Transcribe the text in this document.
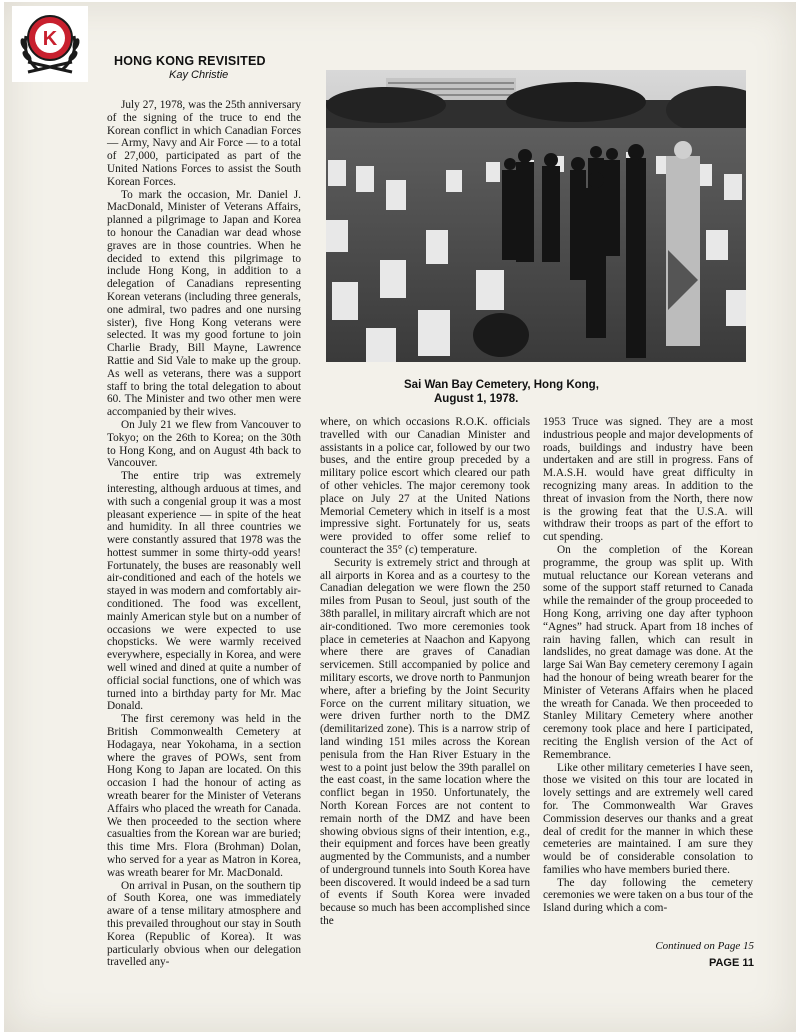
K
HONG KONG REVISITED
Kay Christie

July 27, 1978, was the 25th anniversary of the signing of the truce to end the Korean conflict in which Canadian Forces — Army, Navy and Air Force — to a total of 27,000, participated as part of the United Nations Forces to assist the South Korean Forces.

To mark the occasion, Mr. Daniel J. MacDonald, Minister of Veterans Affairs, planned a pilgrimage to Japan and Korea to honour the Canadian war dead whose graves are in those countries. When he decided to extend this pilgrimage to include Hong Kong, in addition to a delegation of Canadians representing Korean veterans (including three generals, one admiral, two padres and one nursing sister), five Hong Kong veterans were selected. It was my good fortune to join Charlie Brady, Bill Mayne, Lawrence Rattie and Sid Vale to make up the group. As well as veterans, there was a support staff to bring the total delegation to about 60. The Minister and two other men were accompanied by their wives.

On July 21 we flew from Vancouver to Tokyo; on the 26th to Korea; on the 30th to Hong Kong, and on August 4th back to Vancouver.

The entire trip was extremely interesting, although arduous at times, and with such a congenial group it was a most pleasant experience — in spite of the heat and humidity. In all three countries we were constantly assured that 1978 was the hottest summer in some thirty-odd years! Fortunately, the buses are reasonably well air-conditioned and each of the hotels we stayed in was modern and comfortably air-conditioned. The food was excellent, mainly American style but on a number of occasions we were expected to use chopsticks. We were warmly received everywhere, especially in Korea, and were well wined and dined at quite a number of official social functions, one of which was turned into a birthday party for Mr. Mac Donald.

The first ceremony was held in the British Commonwealth Cemetery at Hodagaya, near Yokohama, in a section where the graves of POWs, sent from Hong Kong to Japan are located. On this occasion I had the honour of acting as wreath bearer for the Minister of Veterans Affairs who placed the wreath for Canada. We then proceeded to the section where casualties from the Korean war are buried; this time Mrs. Flora (Brohman) Dolan, who served for a year as Matron in Korea, was wreath bearer for Mr. MacDonald.

On arrival in Pusan, on the southern tip of South Korea, one was immediately aware of a tense military atmosphere and this prevailed throughout our stay in South Korea (Republic of Korea). It was particularly obvious when our delegation travelled any-

Sai Wan Bay Cemetery, Hong Kong,
August 1, 1978.

where, on which occasions R.O.K. officials travelled with our Canadian Minister and assistants in a police car, followed by our two buses, and the entire group preceded by a military police escort which cleared our path of other vehicles. The major ceremony took place on July 27 at the United Nations Memorial Cemetery which in itself is a most impressive sight. Fortunately for us, seats were provided to offer some relief to counteract the 35° (c) temperature.

Security is extremely strict and through at all airports in Korea and as a courtesy to the Canadian delegation we were flown the 250 miles from Pusan to Seoul, just south of the 38th parallel, in military aircraft which are not air-conditioned. Two more ceremonies took place in cemeteries at Naachon and Kapyong where there are graves of Canadian servicemen. Still accompanied by police and military escorts, we drove north to Panmunjon where, after a briefing by the Joint Security Force on the current military situation, we were driven further north to the DMZ (demilitarized zone). This is a narrow strip of land winding 151 miles across the Korean penisula from the Han River Estuary in the west to a point just below the 39th parallel on the east coast, in the same location where the conflict began in 1950. Unfortunately, the North Korean Forces are not content to remain north of the DMZ and have been showing obvious signs of their intention, e.g., their equipment and forces have been greatly augmented by the Communists, and a number of underground tunnels into South Korea have been discovered. It would indeed be a sad turn of events if South Korea were invaded because so much has been accomplished since the

1953 Truce was signed. They are a most industrious people and major developments of roads, buildings and industry have been undertaken and are still in progress. Fans of M.A.S.H. would have great difficulty in recognizing many areas. In addition to the threat of invasion from the North, there now is the growing feat that the U.S.A. will withdraw their troops as part of the effort to cut spending.

On the completion of the Korean programme, the group was split up. With mutual reluctance our Korean veterans and some of the support staff returned to Canada while the remainder of the group proceeded to Hong Kong, arriving one day after typhoon “Agnes” had struck. Apart from 18 inches of rain having fallen, which can result in landslides, no great damage was done. At the large Sai Wan Bay cemetery ceremony I again had the honour of being wreath bearer for the Minister of Veterans Affairs when he placed the wreath for Canada. We then proceeded to Stanley Military Cemetery where another ceremony took place and here I participated, reciting the English version of the Act of Remembrance.

Like other military cemeteries I have seen, those we visited on this tour are located in lovely settings and are extremely well cared for. The Commonwealth War Graves Commission deserves our thanks and a great deal of credit for the manner in which these cemeteries are maintained. I am sure they would be of considerable consolation to families who have members buried there.

The day following the cemetery ceremonies we were taken on a bus tour of the Island during which a com-

Continued on Page 15
PAGE 11
